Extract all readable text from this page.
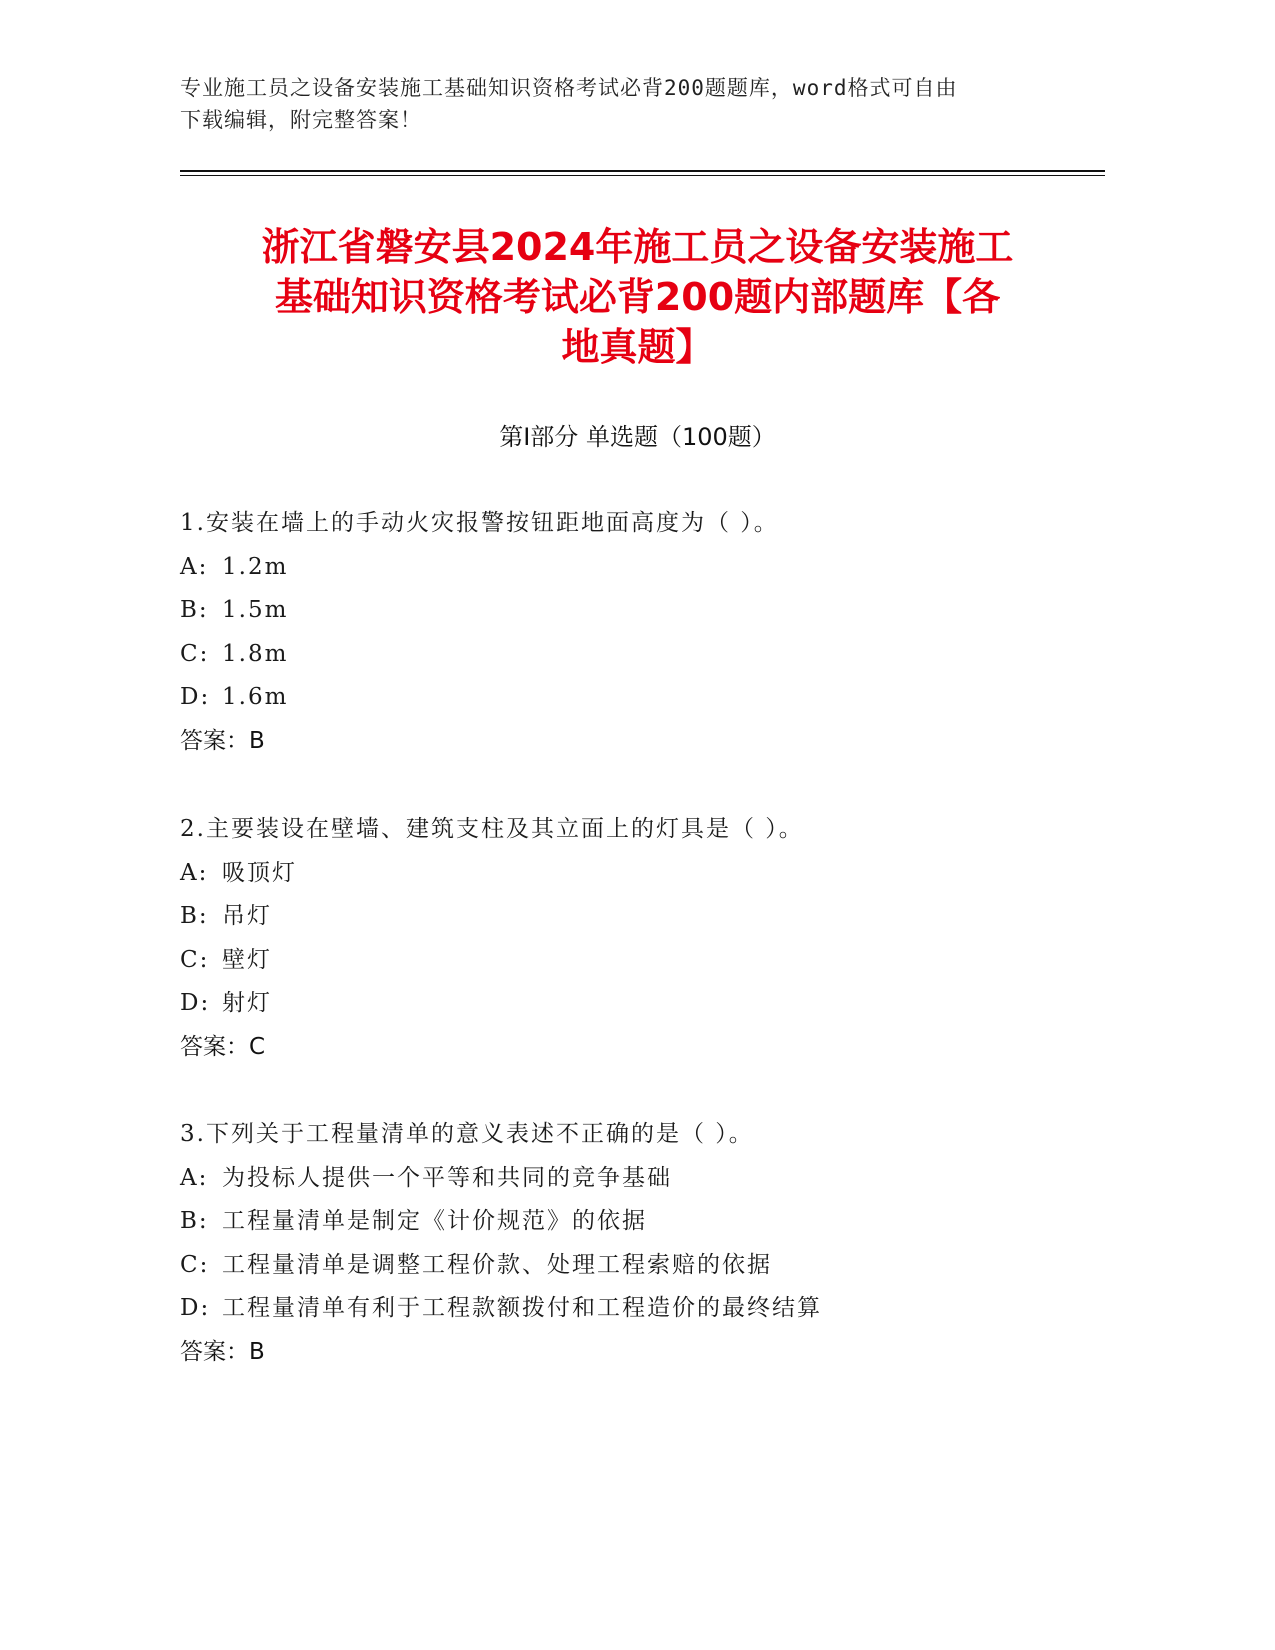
专业施工员之设备安装施工基础知识资格考试必背200题题库，word格式可自由
下载编辑，附完整答案！
浙江省磐安县2024年施工员之设备安装施工
基础知识资格考试必背200题内部题库【各
地真题】
第Ⅰ部分 单选题（100题）
1.安装在墙上的手动火灾报警按钮距地面高度为（ ）。
A: 1.2m
B: 1.5m
C: 1.8m
D: 1.6m
答案：B
2.主要装设在壁墙、建筑支柱及其立面上的灯具是（ ）。
A: 吸顶灯
B: 吊灯
C: 壁灯
D: 射灯
答案：C
3.下列关于工程量清单的意义表述不正确的是（ ）。
A: 为投标人提供一个平等和共同的竞争基础
B: 工程量清单是制定《计价规范》的依据
C: 工程量清单是调整工程价款、处理工程索赔的依据
D: 工程量清单有利于工程款额拨付和工程造价的最终结算
答案：B
